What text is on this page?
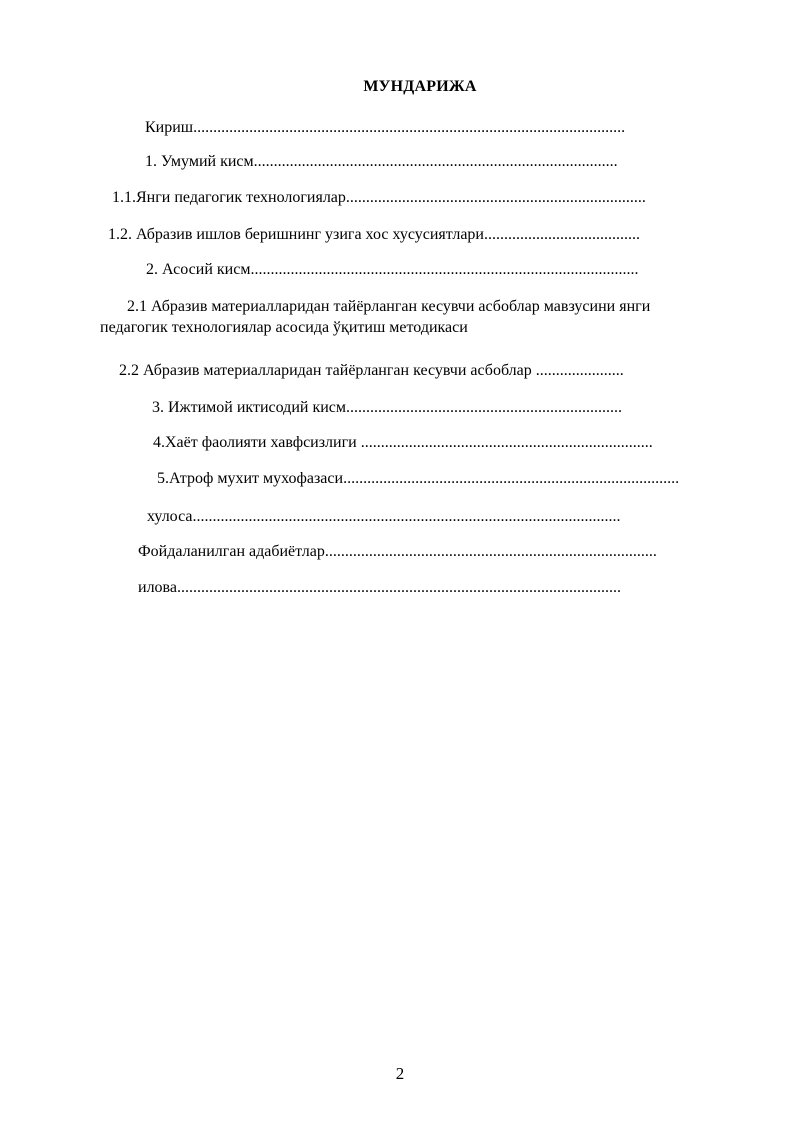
МУНДАРИЖА
Кириш............................................................................................................
1. Умумий кисм...........................................................................................
1.1.Янги педагогик технологиялар...........................................................................
1.2. Абразив ишлов беришнинг узига хос хусусиятлари.......................................
2. Асосий кисм.................................................................................................
2.1 Абразив материалларидан тайёрланган кесувчи асбоблар мавзусини янги
педагогик технологиялар асосида ўқитиш методикаси
2.2 Абразив материалларидан тайёрланган кесувчи асбоблар ......................
3. Ижтимой иктисодий кисм.....................................................................
4.Хаёт фаолияти хавфсизлиги .........................................................................
5.Атроф мухит мухофазаси....................................................................................
хулоса...........................................................................................................
Фойдаланилган адабиётлар...................................................................................
илова...............................................................................................................
2
